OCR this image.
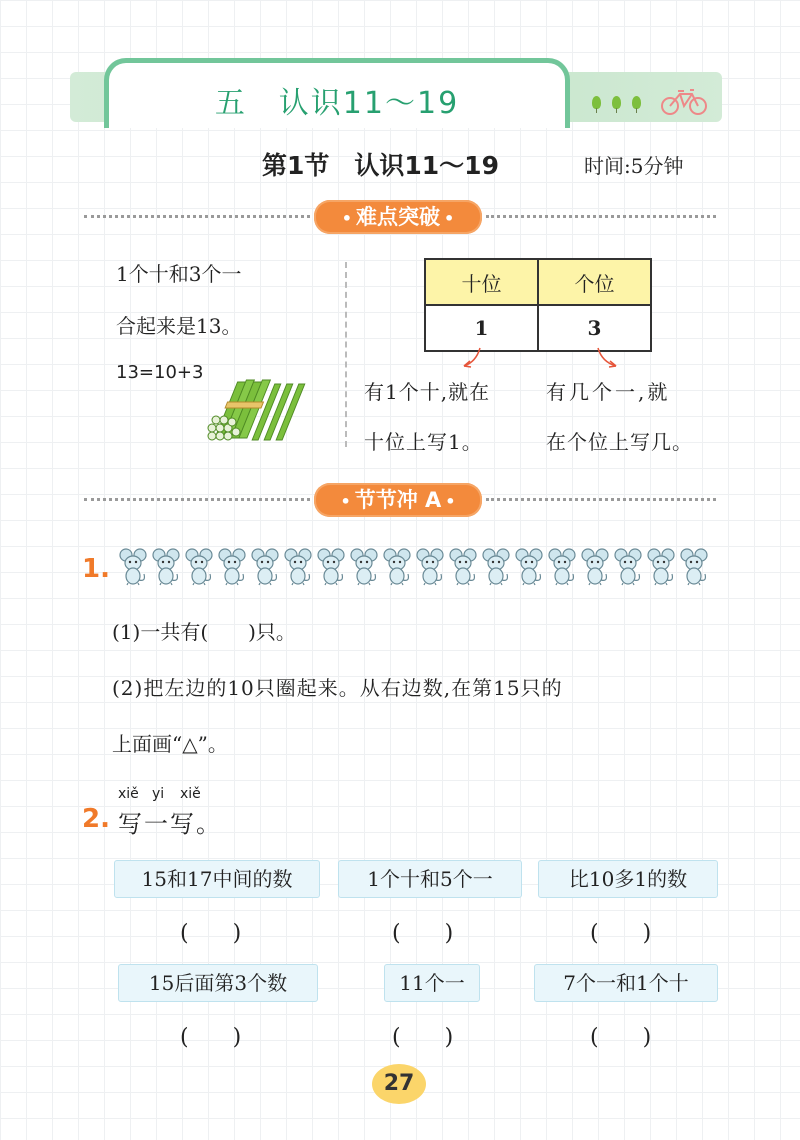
五　认识11～19
第1节　认识11～19	时间:5分钟
• 难点突破 •
1个十和3个一
合起来是13。
13=10+3
十位	个位
1	3
有1个十,就在
十位上写1。
有几个一,就
在个位上写几。
• 节节冲 A •
1.
(1)一共有(　　)只。
(2)把左边的10只圈起来。从右边数,在第15只的
上面画“△”。
xiě yi xiě
2. 写一写。
15和17中间的数	1个十和5个一	比10多1的数
(　　)	(　　)	(　　)
15后面第3个数	11个一	7个一和1个十
(　　)	(　　)	(　　)
27
